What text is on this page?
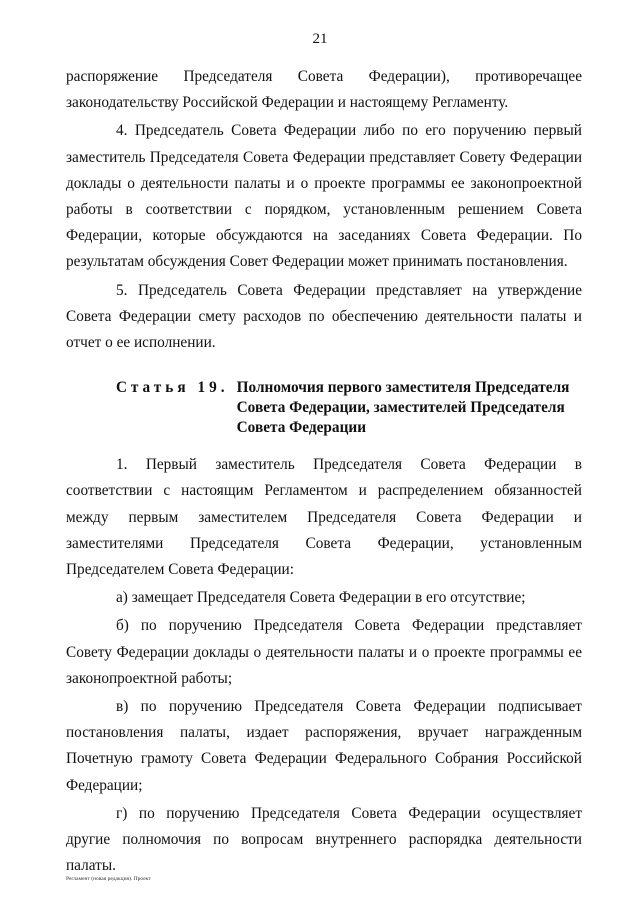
21

распоряжение Председателя Совета Федерации), противоречащее

законодательству Российской Федерации и настоящему Регламенту.

4. Председатель Совета Федерации либо по его поручению первый заместитель Председателя Совета Федерации представляет Совету Федерации доклады о деятельности палаты и о проекте программы ее законопроектной работы в соответствии с порядком, установленным решением Совета Федерации, которые обсуждаются на заседаниях Совета Федерации. По результатам обсуждения Совет Федерации может принимать постановления.

5. Председатель Совета Федерации представляет на утверждение Совета Федерации смету расходов по обеспечению деятельности палаты и отчет о ее исполнении.

Статья 19. Полномочия первого заместителя Председателя
Совета Федерации, заместителей Председателя
Совета Федерации

1. Первый заместитель Председателя Совета Федерации в соответствии с настоящим Регламентом и распределением обязанностей между первым заместителем Председателя Совета Федерации и заместителями Председателя Совета Федерации, установленным Председателем Совета Федерации:

а) замещает Председателя Совета Федерации в его отсутствие;

б) по поручению Председателя Совета Федерации представляет Совету Федерации доклады о деятельности палаты и о проекте программы ее законопроектной работы;

в) по поручению Председателя Совета Федерации подписывает постановления палаты, издает распоряжения, вручает награжденным Почетную грамоту Совета Федерации Федерального Собрания Российской Федерации;

г) по поручению Председателя Совета Федерации осуществляет другие полномочия по вопросам внутреннего распорядка деятельности палаты.

Регламент (новая редакция). Проект
